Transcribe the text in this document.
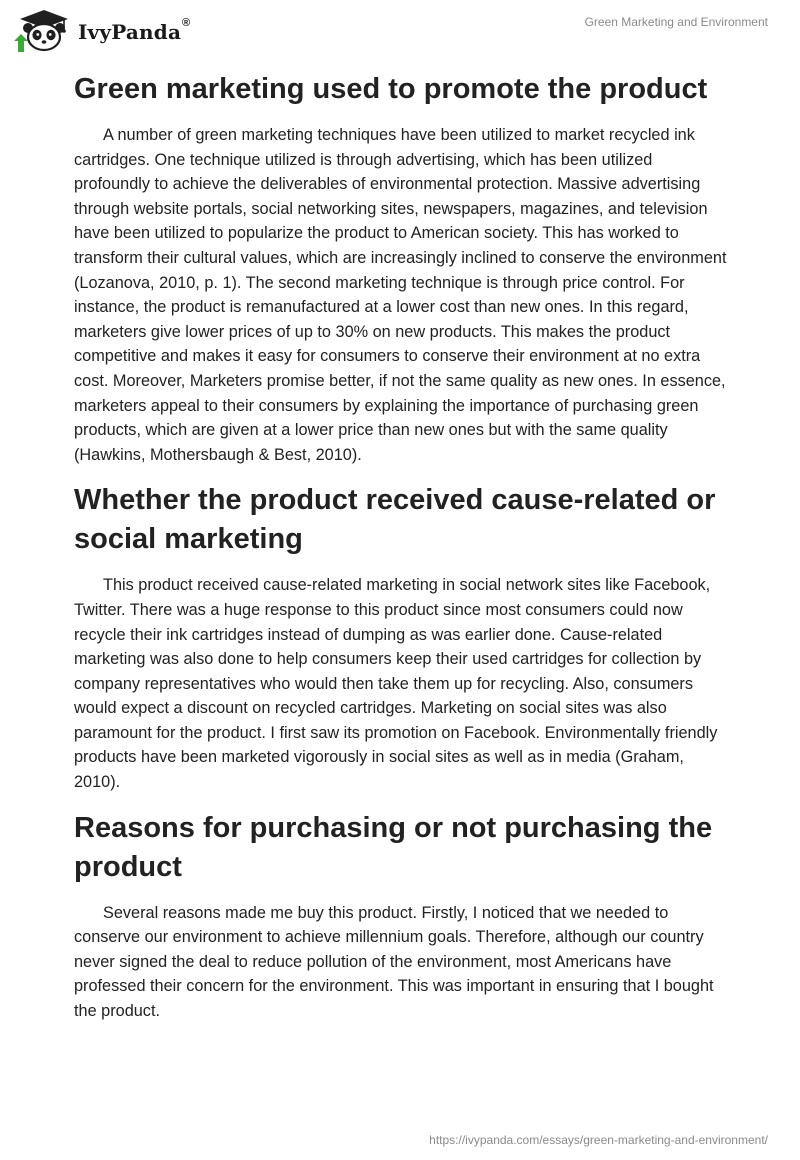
IvyPanda ®	Green Marketing and Environment
Green marketing used to promote the product

A number of green marketing techniques have been utilized to market recycled ink cartridges. One technique utilized is through advertising, which has been utilized profoundly to achieve the deliverables of environmental protection. Massive advertising through website portals, social networking sites, newspapers, magazines, and television have been utilized to popularize the product to American society. This has worked to transform their cultural values, which are increasingly inclined to conserve the environment (Lozanova, 2010, p. 1). The second marketing technique is through price control. For instance, the product is remanufactured at a lower cost than new ones. In this regard, marketers give lower prices of up to 30% on new products. This makes the product competitive and makes it easy for consumers to conserve their environment at no extra cost. Moreover, Marketers promise better, if not the same quality as new ones. In essence, marketers appeal to their consumers by explaining the importance of purchasing green products, which are given at a lower price than new ones but with the same quality (Hawkins, Mothersbaugh & Best, 2010).

Whether the product received cause-related or social marketing

This product received cause-related marketing in social network sites like Facebook, Twitter. There was a huge response to this product since most consumers could now recycle their ink cartridges instead of dumping as was earlier done. Cause-related marketing was also done to help consumers keep their used cartridges for collection by company representatives who would then take them up for recycling. Also, consumers would expect a discount on recycled cartridges. Marketing on social sites was also paramount for the product. I first saw its promotion on Facebook. Environmentally friendly products have been marketed vigorously in social sites as well as in media (Graham, 2010).

Reasons for purchasing or not purchasing the product

Several reasons made me buy this product. Firstly, I noticed that we needed to conserve our environment to achieve millennium goals. Therefore, although our country never signed the deal to reduce pollution of the environment, most Americans have professed their concern for the environment. This was important in ensuring that I bought the product.

https://ivypanda.com/essays/green-marketing-and-environment/
